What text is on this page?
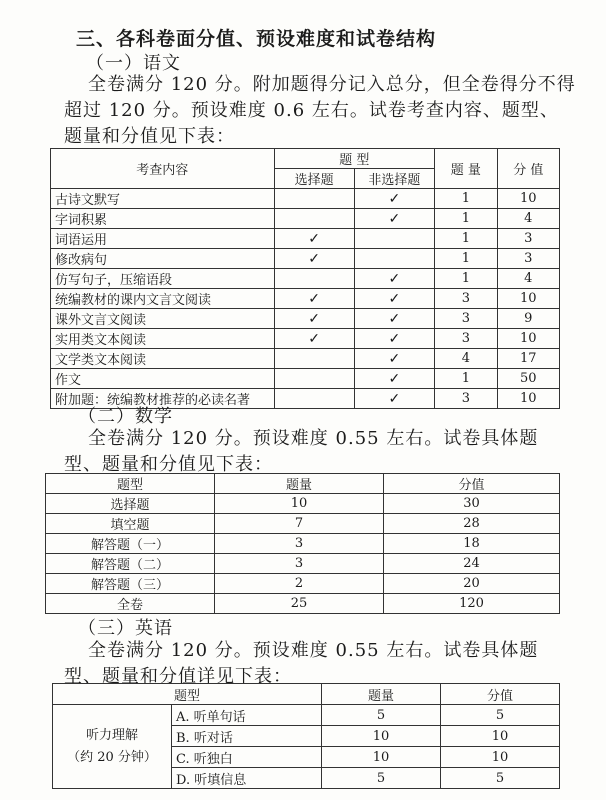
三、各科卷面分值、预设难度和试卷结构
（一）语文
全卷满分 120 分。附加题得分记入总分，但全卷得分不得超过 120 分。预设难度 0.6 左右。试卷考查内容、题型、题量和分值见下表：
考查内容	题 型		题 量	分 值
	选择题	非选择题		
古诗文默写		✓	1	10
字词积累		✓	1	4
词语运用	✓		1	3
修改病句	✓		1	3
仿写句子，压缩语段		✓	1	4
统编教材的课内文言文阅读	✓	✓	3	10
课外文言文阅读	✓	✓	3	9
实用类文本阅读	✓	✓	3	10
文学类文本阅读		✓	4	17
作文		✓	1	50
附加题：统编教材推荐的必读名著		✓	3	10
（二）数学
全卷满分 120 分。预设难度 0.55 左右。试卷具体题型、题量和分值见下表：
题型	题量	分值
选择题	10	30
填空题	7	28
解答题（一）	3	18
解答题（二）	3	24
解答题（三）	2	20
全卷	25	120
（三）英语
全卷满分 120 分。预设难度 0.55 左右。试卷具体题型、题量和分值详见下表：
题型		题量	分值

听力理解
（约 20 分钟）	A. 听单句话	5	5
	B. 听对话	10	10
	C. 听独白	10	10
	D. 听填信息	5	5
